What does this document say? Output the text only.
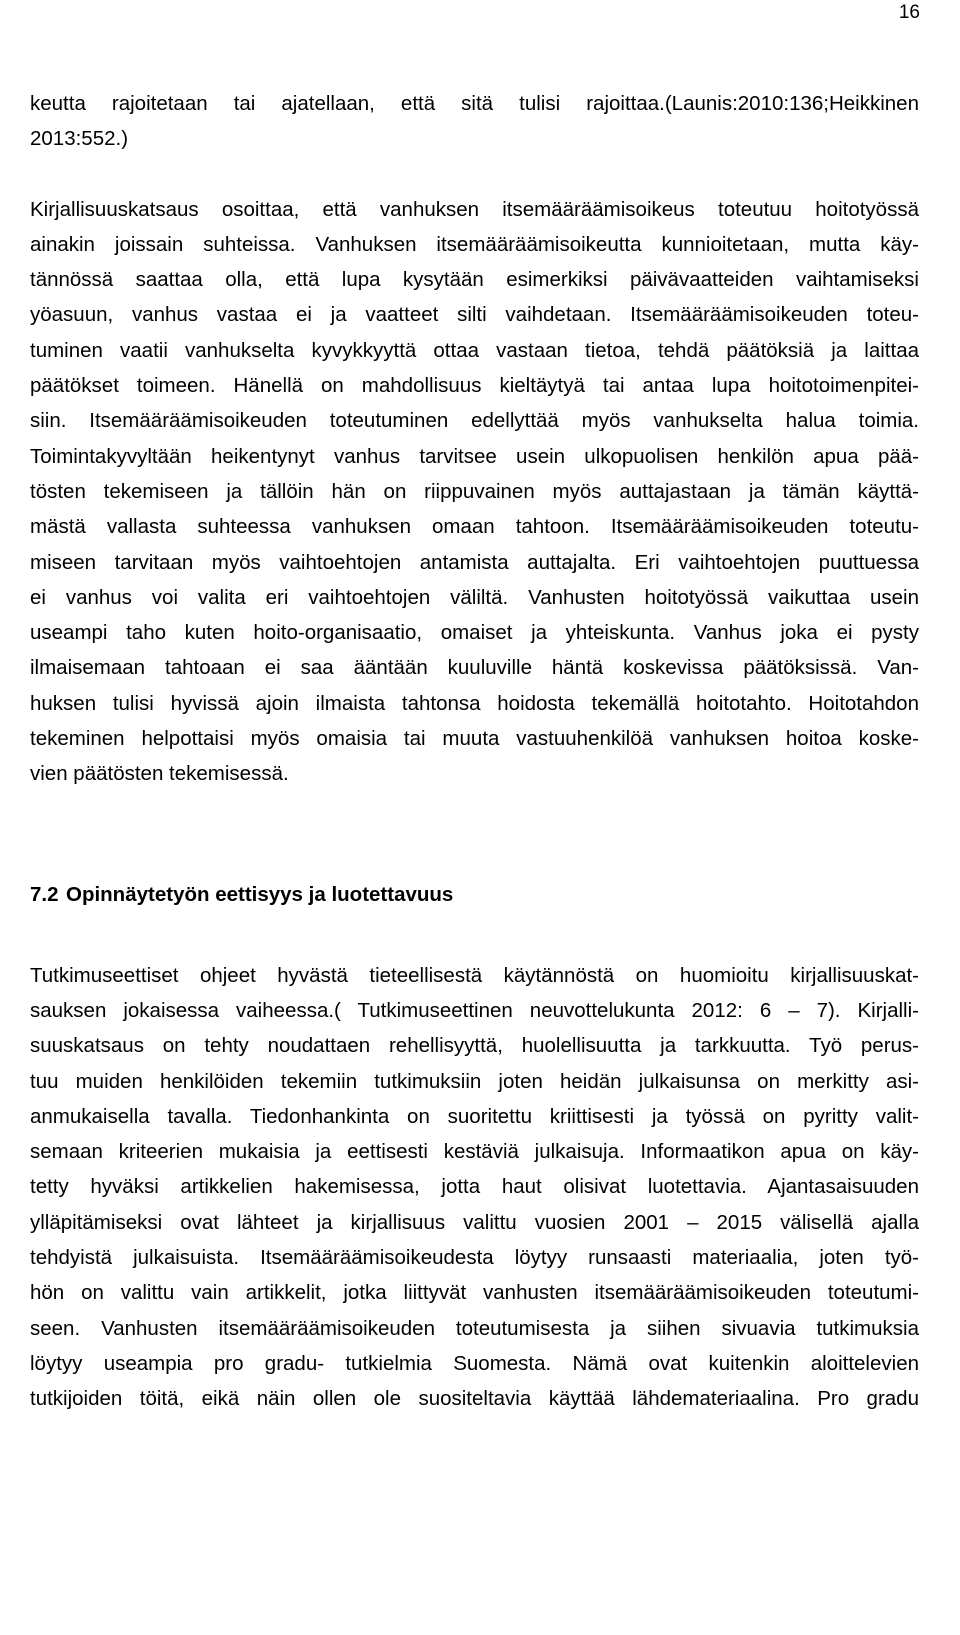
16

keutta rajoitetaan tai ajatellaan, että sitä tulisi rajoittaa.(Launis:2010:136;Heikkinen
2013:552.)

Kirjallisuuskatsaus osoittaa, että vanhuksen itsemääräämisoikeus toteutuu hoitotyössä
ainakin joissain suhteissa. Vanhuksen itsemääräämisoikeutta kunnioitetaan, mutta käy-
tännössä saattaa olla, että lupa kysytään esimerkiksi päivävaatteiden vaihtamiseksi
yöasuun, vanhus vastaa ei ja vaatteet silti vaihdetaan. Itsemääräämisoikeuden toteu-
tuminen vaatii vanhukselta kyvykkyyttä ottaa vastaan tietoa, tehdä päätöksiä ja laittaa
päätökset toimeen. Hänellä on mahdollisuus kieltäytyä tai antaa lupa hoitotoimenpitei-
siin. Itsemääräämisoikeuden toteutuminen edellyttää myös vanhukselta halua toimia.
Toimintakyvyltään heikentynyt vanhus tarvitsee usein ulkopuolisen henkilön apua pää-
tösten tekemiseen ja tällöin hän on riippuvainen myös auttajastaan ja tämän käyttä-
mästä vallasta suhteessa vanhuksen omaan tahtoon. Itsemääräämisoikeuden toteutu-
miseen tarvitaan myös vaihtoehtojen antamista auttajalta. Eri vaihtoehtojen puuttuessa
ei vanhus voi valita eri vaihtoehtojen väliltä. Vanhusten hoitotyössä vaikuttaa usein
useampi taho kuten hoito-organisaatio, omaiset ja yhteiskunta. Vanhus joka ei pysty
ilmaisemaan tahtoaan ei saa ääntään kuuluville häntä koskevissa päätöksissä. Van-
huksen tulisi hyvissä ajoin ilmaista tahtonsa hoidosta tekemällä hoitotahto. Hoitotahdon
tekeminen helpottaisi myös omaisia tai muuta vastuuhenkilöä vanhuksen hoitoa koske-
vien päätösten tekemisessä.

7.2 Opinnäytetyön eettisyys ja luotettavuus

Tutkimuseettiset ohjeet hyvästä tieteellisestä käytännöstä on huomioitu kirjallisuuskat-
sauksen jokaisessa vaiheessa.( Tutkimuseettinen neuvottelukunta 2012: 6 – 7). Kirjalli-
suuskatsaus on tehty noudattaen rehellisyyttä, huolellisuutta ja tarkkuutta. Työ perus-
tuu muiden henkilöiden tekemiin tutkimuksiin joten heidän julkaisunsa on merkitty asi-
anmukaisella tavalla. Tiedonhankinta on suoritettu kriittisesti ja työssä on pyritty valit-
semaan kriteerien mukaisia ja eettisesti kestäviä julkaisuja. Informaatikon apua on käy-
tetty hyväksi artikkelien hakemisessa, jotta haut olisivat luotettavia. Ajantasaisuuden
ylläpitämiseksi ovat lähteet ja kirjallisuus valittu vuosien 2001 – 2015 välisellä ajalla
tehdyistä julkaisuista. Itsemääräämisoikeudesta löytyy runsaasti materiaalia, joten työ-
hön on valittu vain artikkelit, jotka liittyvät vanhusten itsemääräämisoikeuden toteutumi-
seen. Vanhusten itsemääräämisoikeuden toteutumisesta ja siihen sivuavia tutkimuksia
löytyy useampia pro gradu- tutkielmia Suomesta. Nämä ovat kuitenkin aloittelevien
tutkijoiden töitä, eikä näin ollen ole suositeltavia käyttää lähdemateriaalina. Pro gradu
